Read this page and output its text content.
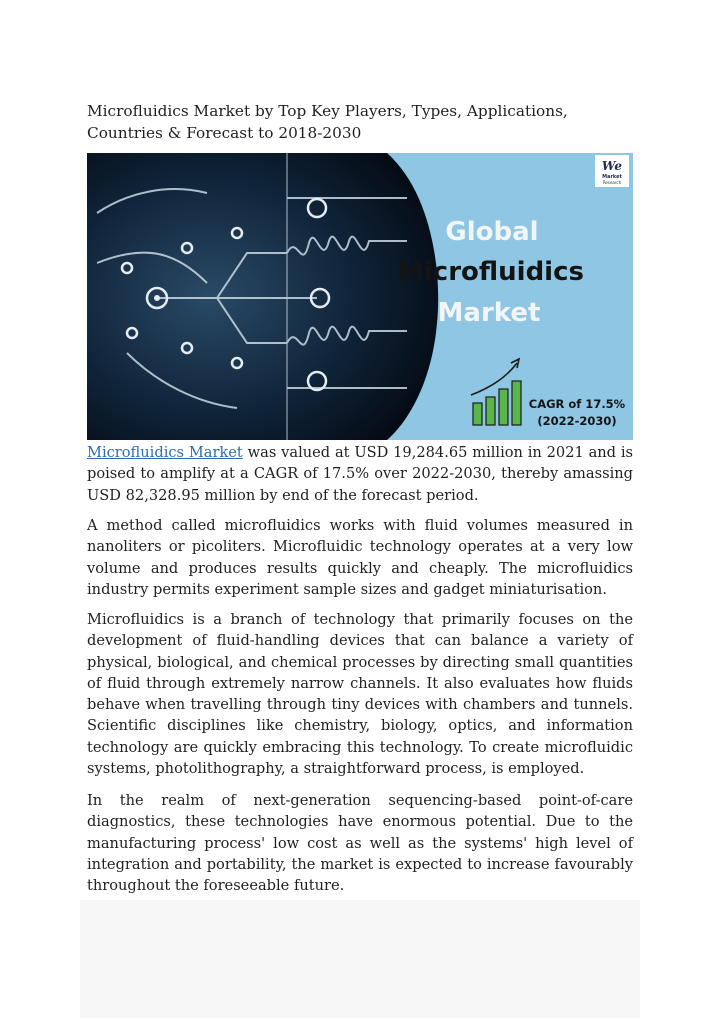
Microfluidics Market by Top Key Players, Types, Applications, Countries & Forecast to 2018-2030
Global
Microfluidics
Market
We
Market
Research
CAGR of 17.5%
(2022-2030)

Microfluidics Market was valued at USD 19,284.65 million in 2021 and is poised to amplify at a CAGR of 17.5% over 2022-2030, thereby amassing USD 82,328.95 million by end of the forecast period.

A method called microfluidics works with fluid volumes measured in nanoliters or picoliters. Microfluidic technology operates at a very low volume and produces results quickly and cheaply. The microfluidics industry permits experiment sample sizes and gadget miniaturisation.

Microfluidics is a branch of technology that primarily focuses on the development of fluid-handling devices that can balance a variety of physical, biological, and chemical processes by directing small quantities of fluid through extremely narrow channels. It also evaluates how fluids behave when travelling through tiny devices with chambers and tunnels. Scientific disciplines like chemistry, biology, optics, and information technology are quickly embracing this technology. To create microfluidic systems, photolithography, a straightforward process, is employed.

In the realm of next-generation sequencing-based point-of-care diagnostics, these technologies have enormous potential. Due to the manufacturing process' low cost as well as the systems' high level of integration and portability, the market is expected to increase favourably throughout the foreseeable future.
